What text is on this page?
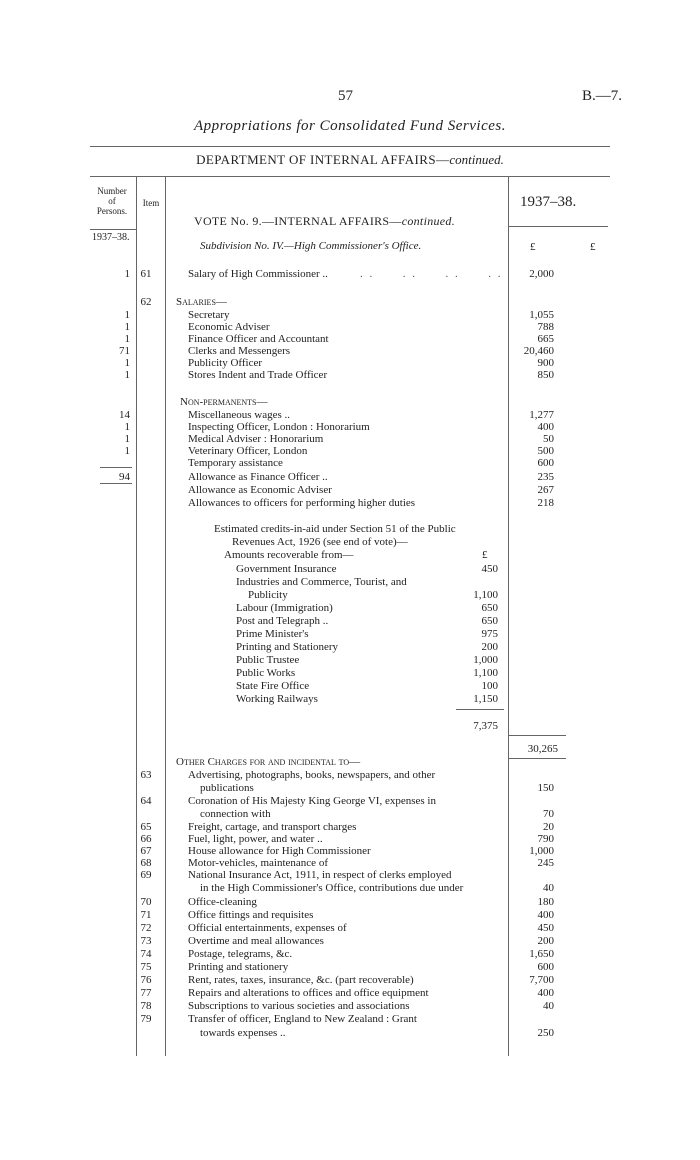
57	B.—7.
Appropriations for Consolidated Fund Services.
DEPARTMENT OF INTERNAL AFFAIRS—continued.
Number
of
Persons.
Item	1937–38.
1937–38.
VOTE No. 9.—INTERNAL AFFAIRS—continued.
Subdivision No. IV.—High Commissioner's Office.	£	£
1 61	Salary of High Commissioner ..	. .      . .      . .      . .	2,000
62	Salaries—
1	Secretary	1,055
1	Economic Adviser	788
1	Finance Officer and Accountant	665
71	Clerks and Messengers	20,460
1	Publicity Officer	900
1	Stores Indent and Trade Officer	850
Non-permanents—
14	Miscellaneous wages ..	1,277
1	Inspecting Officer, London : Honorarium	400
1	Medical Adviser : Honorarium	50
1	Veterinary Officer, London	500
Temporary assistance	600
94	Allowance as Finance Officer ..	235
Allowance as Economic Adviser	267
Allowances to officers for performing higher duties	218
Estimated credits-in-aid under Section 51 of the Public
Revenues Act, 1926 (see end of vote)—
Amounts recoverable from—	£
Government Insurance	450
Industries and Commerce, Tourist, and
Publicity	1,100
Labour (Immigration)	650
Post and Telegraph ..	650
Prime Minister's	975
Printing and Stationery	200
Public Trustee	1,000
Public Works	1,100
State Fire Office	100
Working Railways	1,150
7,375
30,265
Other Charges for and incidental to—
63	Advertising, photographs, books, newspapers, and other
publications	150
64	Coronation of His Majesty King George VI, expenses in
connection with	70
65	Freight, cartage, and transport charges	20
66	Fuel, light, power, and water ..	790
67	House allowance for High Commissioner	1,000
68	Motor-vehicles, maintenance of	245
69	National Insurance Act, 1911, in respect of clerks employed
in the High Commissioner's Office, contributions due under	40
70	Office-cleaning	180
71	Office fittings and requisites	400
72	Official entertainments, expenses of	450
73	Overtime and meal allowances	200
74	Postage, telegrams, &c.	1,650
75	Printing and stationery	600
76	Rent, rates, taxes, insurance, &c. (part recoverable)	7,700
77	Repairs and alterations to offices and office equipment	400
78	Subscriptions to various societies and associations	40
79	Transfer of officer, England to New Zealand : Grant
towards expenses ..	250
